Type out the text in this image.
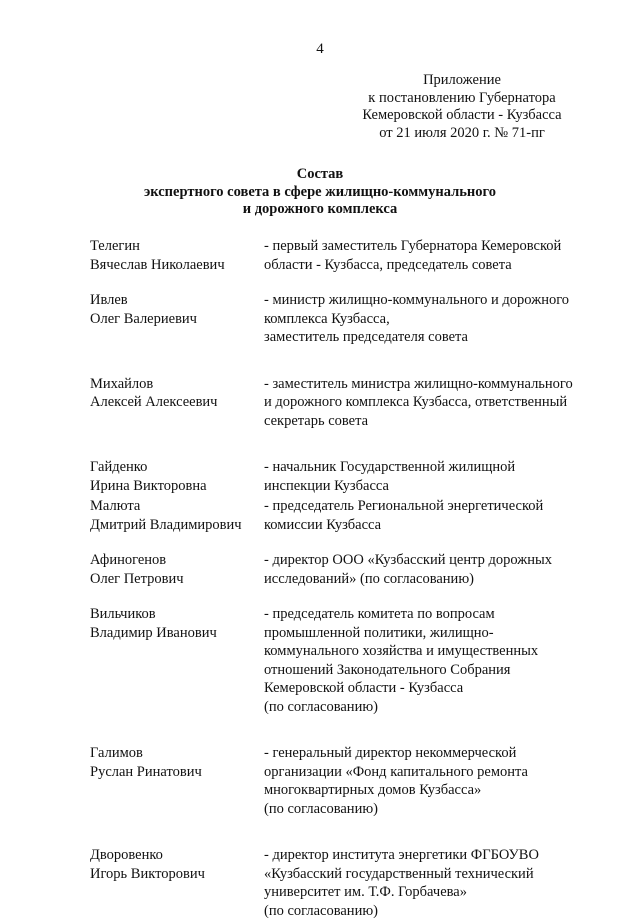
4
Приложение
к постановлению Губернатора
Кемеровской области - Кузбасса
от 21 июля 2020 г. № 71-пг
Состав
экспертного совета в сфере жилищно-коммунального
и дорожного комплекса
Телегин
Вячеслав Николаевич
- первый заместитель Губернатора Кемеровской
области - Кузбасса, председатель совета
Ивлев
Олег Валериевич
- министр жилищно-коммунального и дорожного
комплекса Кузбасса,
заместитель председателя совета
Михайлов
Алексей Алексеевич
- заместитель министра жилищно-коммунального
и дорожного комплекса Кузбасса, ответственный
секретарь совета
Гайденко
Ирина Викторовна
- начальник Государственной жилищной
инспекции Кузбасса
Малюта
Дмитрий Владимирович
- председатель Региональной энергетической
комиссии Кузбасса
Афиногенов
Олег Петрович
- директор ООО «Кузбасский центр дорожных
исследований» (по согласованию)
Вильчиков
Владимир Иванович
- председатель комитета по вопросам
промышленной политики, жилищно-
коммунального хозяйства и имущественных
отношений Законодательного Собрания
Кемеровской области - Кузбасса
(по согласованию)
Галимов
Руслан Ринатович
- генеральный директор некоммерческой
организации «Фонд капитального ремонта
многоквартирных домов Кузбасса»
(по согласованию)
Дворовенко
Игорь Викторович
- директор института энергетики ФГБОУВО
«Кузбасский государственный технический
университет им. Т.Ф. Горбачева»
(по согласованию)
